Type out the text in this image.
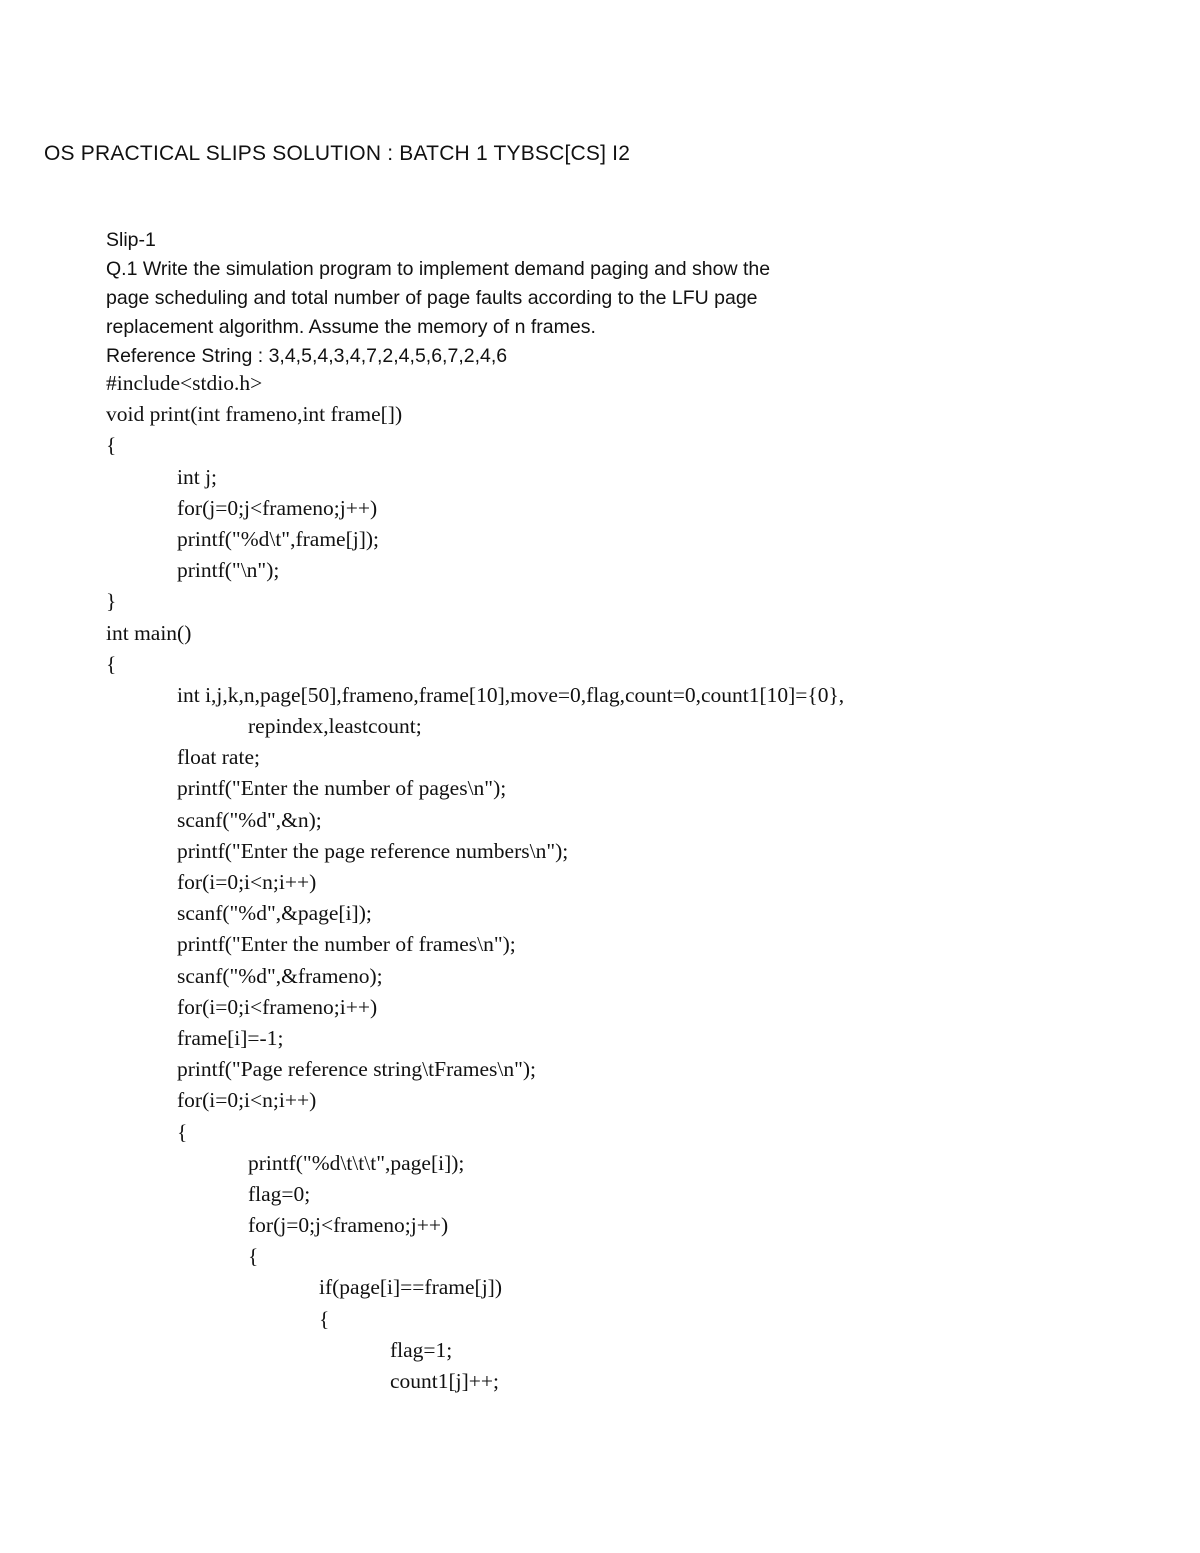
OS PRACTICAL SLIPS SOLUTION : BATCH 1 TYBSC[CS] I2
Slip-1
Q.1 Write the simulation program to implement demand paging and show the
page scheduling and total number of page faults according to the LFU page
replacement algorithm. Assume the memory of n frames.
Reference String : 3,4,5,4,3,4,7,2,4,5,6,7,2,4,6
#include<stdio.h>
void print(int frameno,int frame[])
{
int j;
for(j=0;j<frameno;j++)
printf("%d\t",frame[j]);
printf("\n");
}
int main()
{
int i,j,k,n,page[50],frameno,frame[10],move=0,flag,count=0,count1[10]={0},
repindex,leastcount;
float rate;
printf("Enter the number of pages\n");
scanf("%d",&n);
printf("Enter the page reference numbers\n");
for(i=0;i<n;i++)
scanf("%d",&page[i]);
printf("Enter the number of frames\n");
scanf("%d",&frameno);
for(i=0;i<frameno;i++)
frame[i]=-1;
printf("Page reference string\tFrames\n");
for(i=0;i<n;i++)
{
printf("%d\t\t\t",page[i]);
flag=0;
for(j=0;j<frameno;j++)
{
if(page[i]==frame[j])
{
flag=1;
count1[j]++;
